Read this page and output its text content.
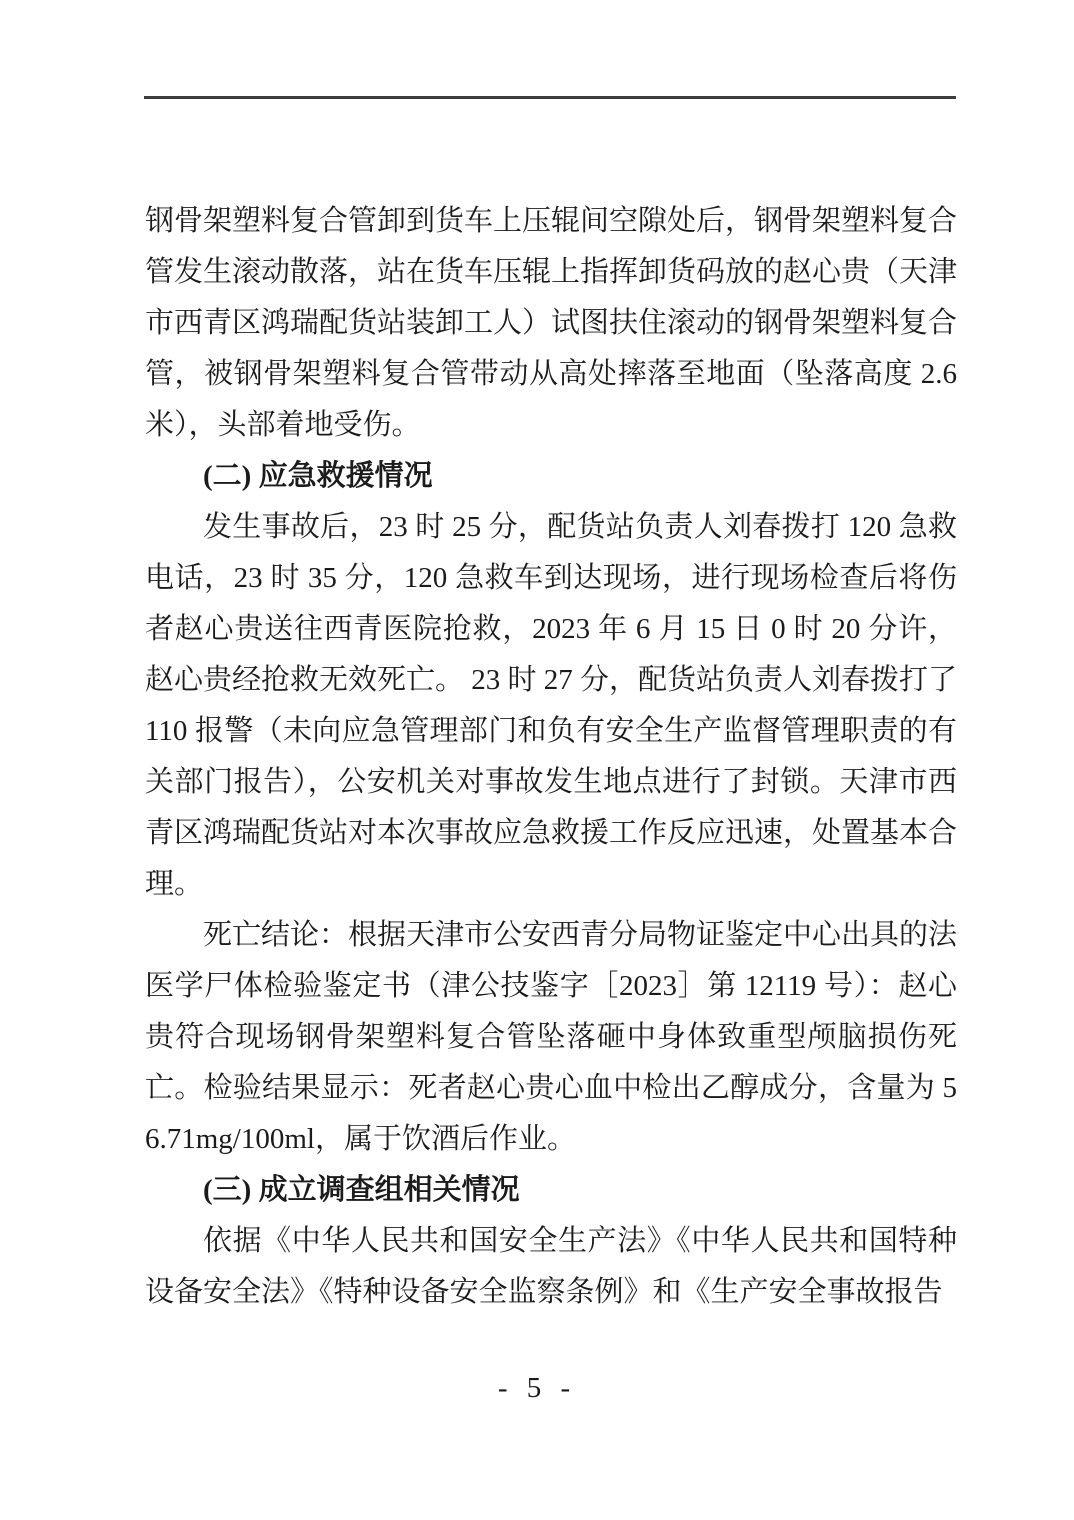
钢骨架塑料复合管卸到货车上压辊间空隙处后，钢骨架塑料复合管发生滚动散落，站在货车压辊上指挥卸货码放的赵心贵（天津市西青区鸿瑞配货站装卸工人）试图扶住滚动的钢骨架塑料复合管，被钢骨架塑料复合管带动从高处摔落至地面（坠落高度 2.6 米），头部着地受伤。

(二) 应急救援情况

发生事故后，23 时 25 分，配货站负责人刘春拨打 120 急救电话，23 时 35 分，120 急救车到达现场，进行现场检查后将伤者赵心贵送往西青医院抢救，2023 年 6 月 15 日 0 时 20 分许，赵心贵经抢救无效死亡。 23 时 27 分，配货站负责人刘春拨打了 110 报警（未向应急管理部门和负有安全生产监督管理职责的有关部门报告），公安机关对事故发生地点进行了封锁。天津市西青区鸿瑞配货站对本次事故应急救援工作反应迅速，处置基本合理。

死亡结论：根据天津市公安西青分局物证鉴定中心出具的法医学尸体检验鉴定书（津公技鉴字［2023］第 12119 号）：赵心贵符合现场钢骨架塑料复合管坠落砸中身体致重型颅脑损伤死亡。检验结果显示：死者赵心贵心血中检出乙醇成分，含量为 56.71mg/100ml，属于饮酒后作业。

(三) 成立调查组相关情况

依据《中华人民共和国安全生产法》《中华人民共和国特种设备安全法》《特种设备安全监察条例》和《生产安全事故报告

- 5 -
